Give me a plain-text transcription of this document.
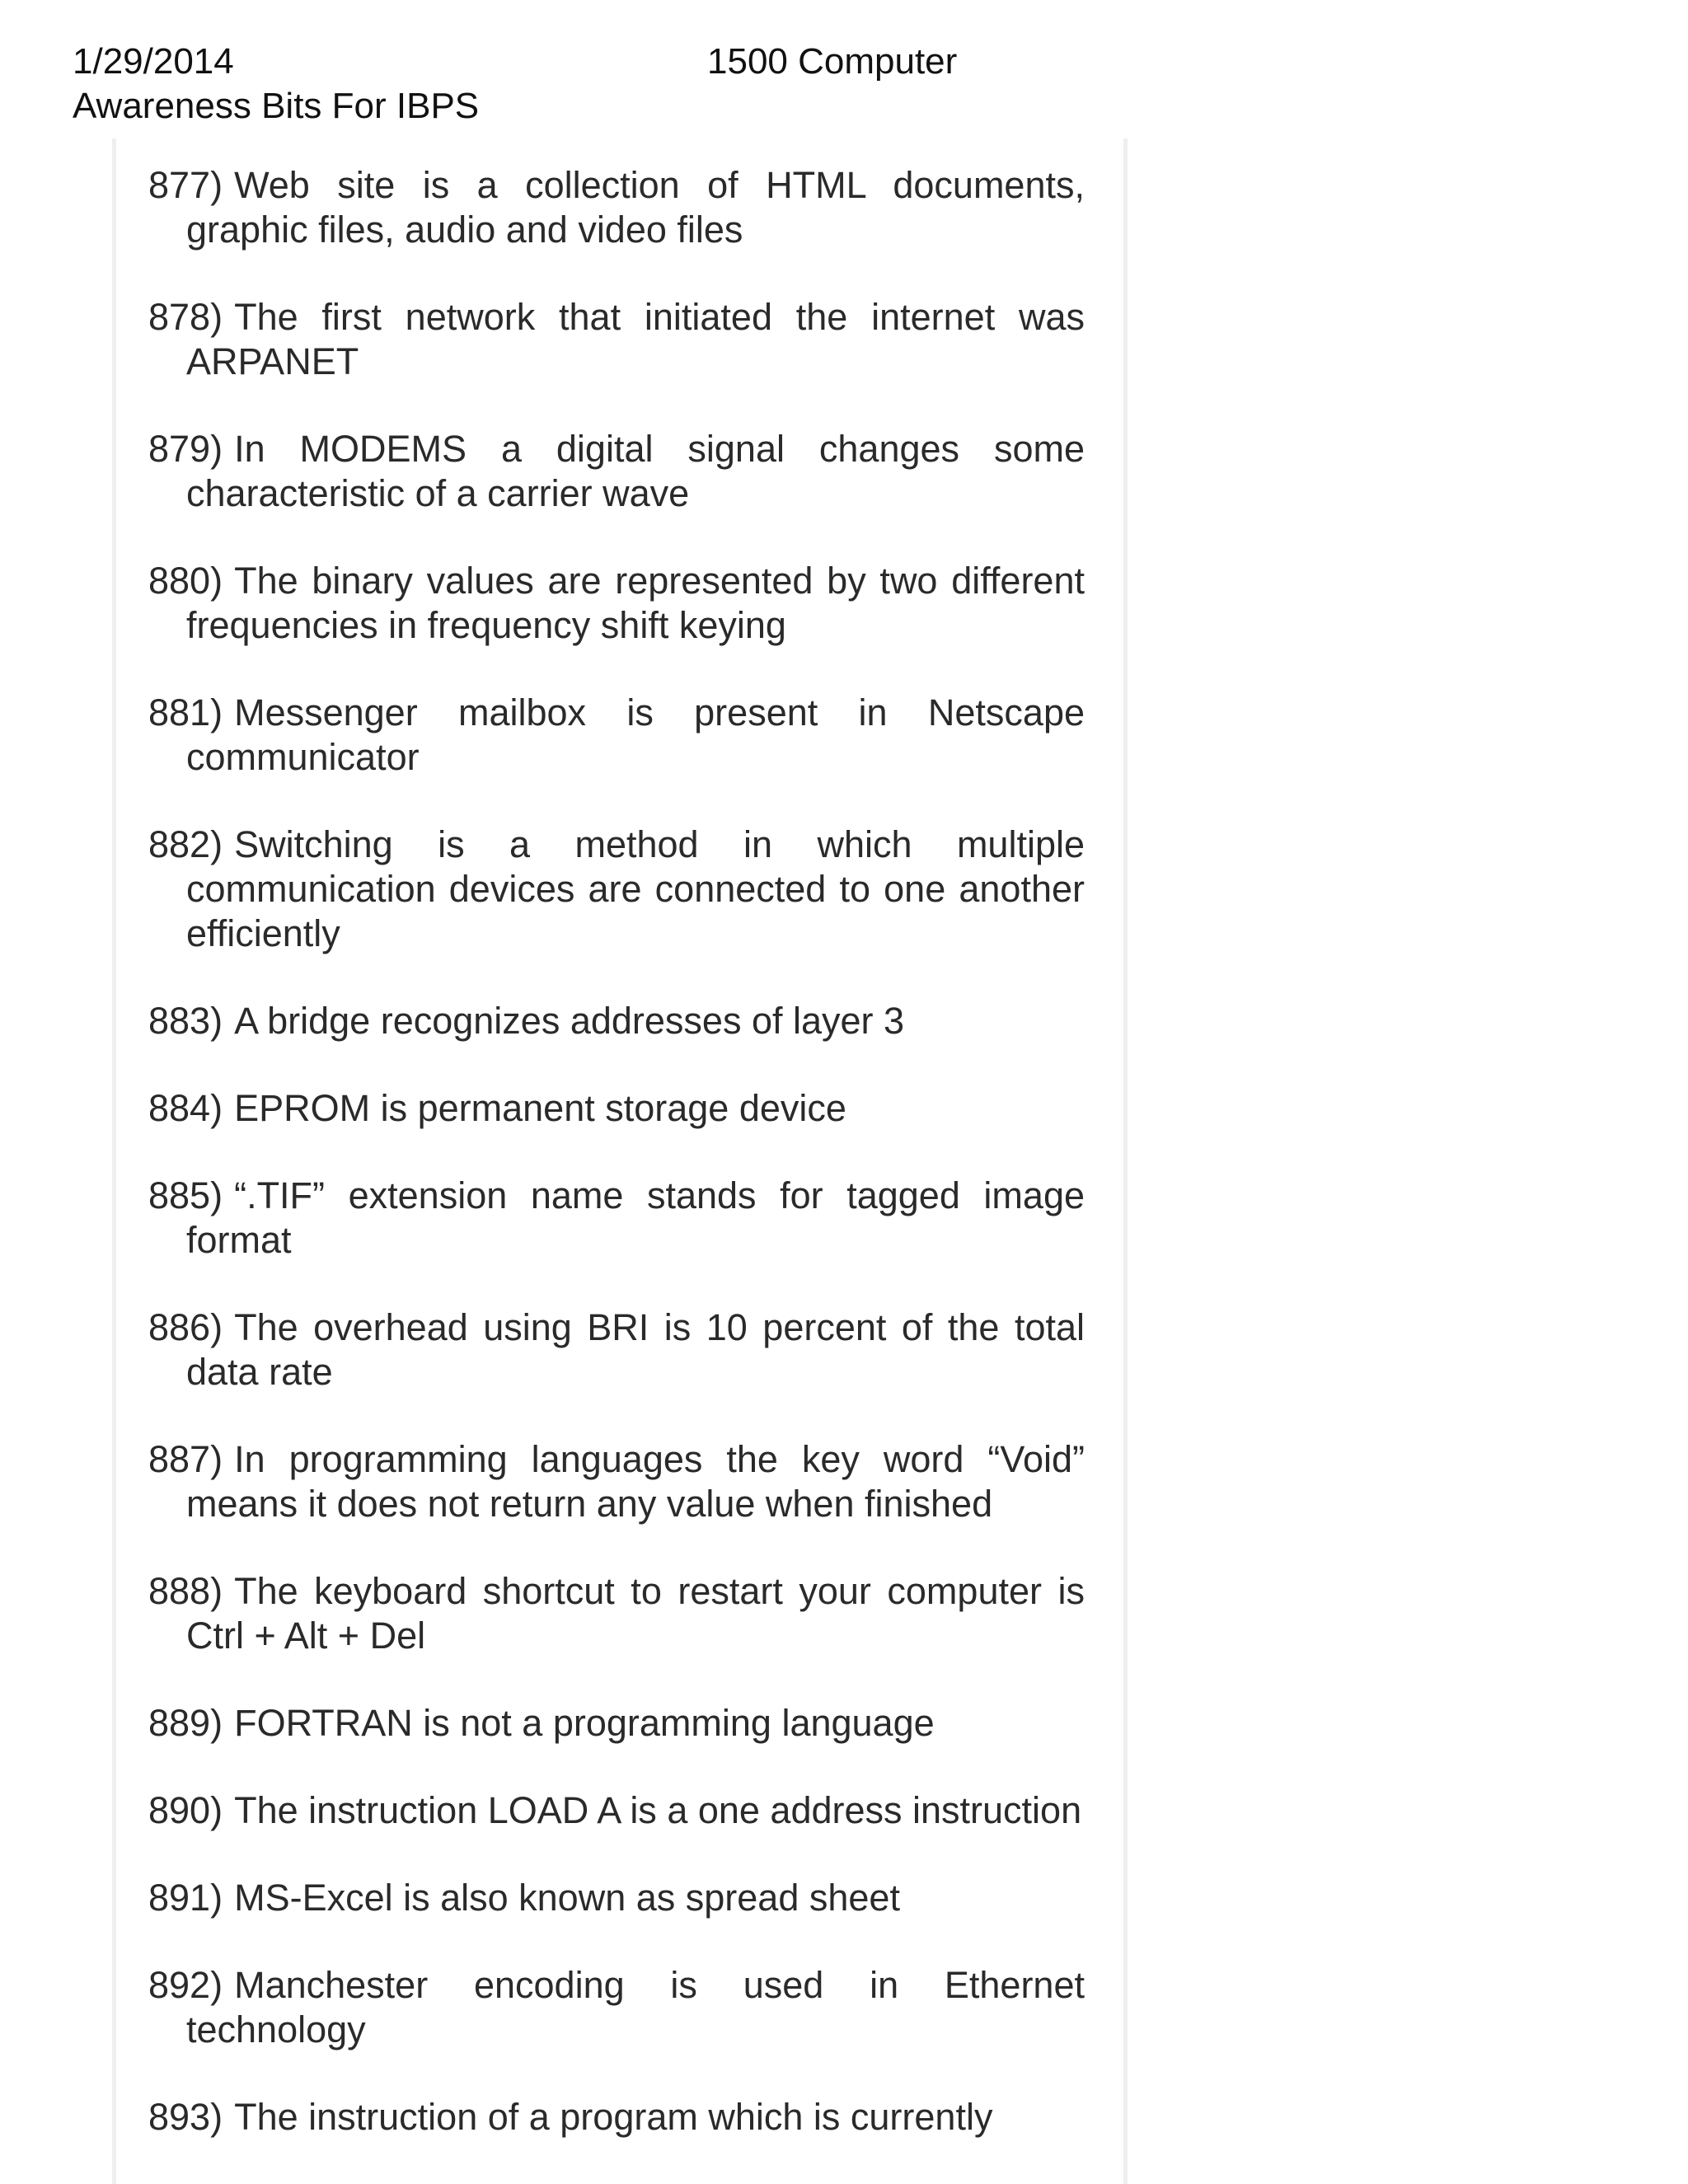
1/29/2014	1500 Computer
Awareness Bits For IBPS
877) Web site is a collection of HTML documents, graphic files, audio and video files
878) The first network that initiated the internet was ARPANET
879) In MODEMS a digital signal changes some characteristic of a carrier wave
880) The binary values are represented by two different frequencies in frequency shift keying
881) Messenger mailbox is present in Netscape communicator
882) Switching is a method in which multiple communication devices are connected to one another efficiently
883) A bridge recognizes addresses of layer 3
884) EPROM is permanent storage device
885) “.TIF” extension name stands for tagged image format
886) The overhead using BRI is 10 percent of the total data rate
887) In programming languages the key word “Void” means it does not return any value when finished
888) The keyboard shortcut to restart your computer is Ctrl + Alt + Del
889) FORTRAN is not a programming language
890) The instruction LOAD A is a one address instruction
891) MS-Excel is also known as spread sheet
892) Manchester encoding is used in Ethernet technology
893) The instruction of a program which is currently
